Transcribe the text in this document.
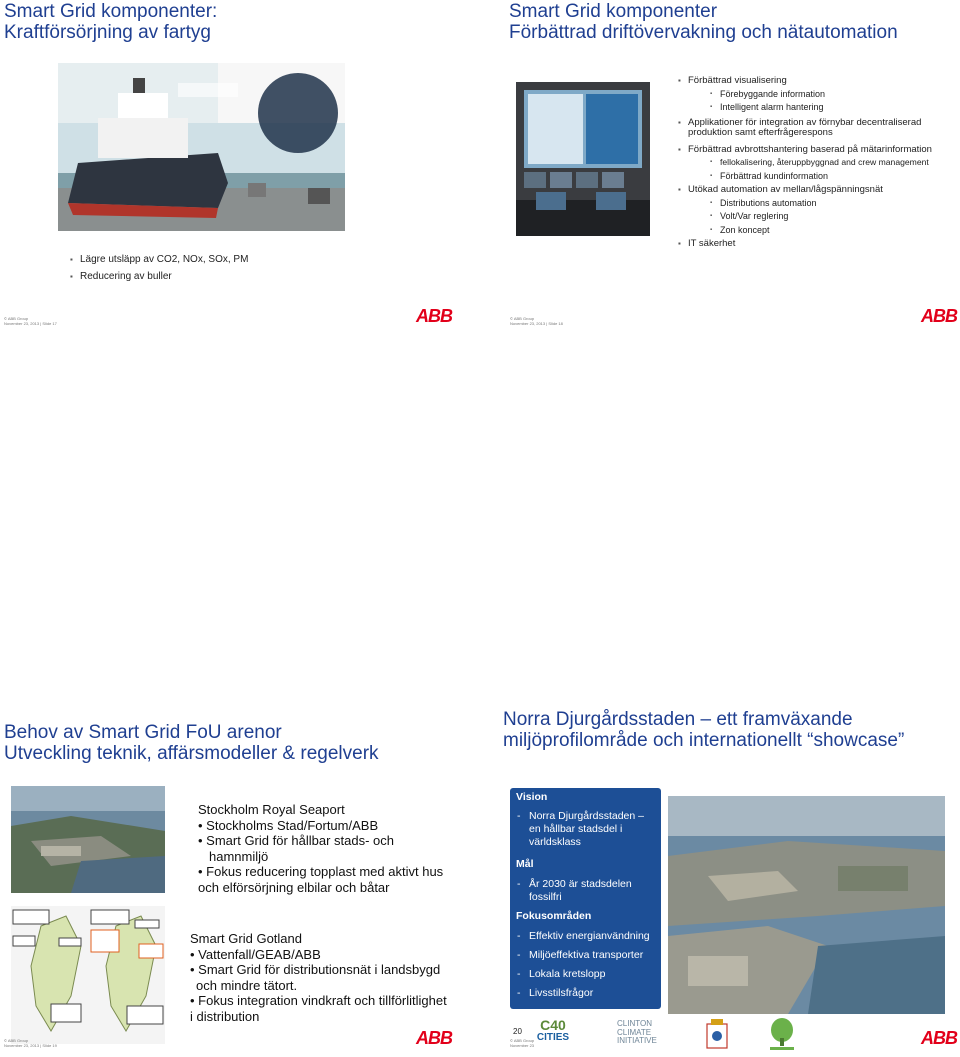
Smart Grid komponenter:
Kraftförsörjning av fartyg
▪ Lägre utsläpp av CO2, NOx, SOx, PM
▪ Reducering av buller
© ABB Group
November 23, 2013 | Slide 17	ABB
Smart Grid komponenter
Förbättrad driftövervakning och nätautomation
▪ Förbättrad visualisering
▪ Förebyggande information
▪ Intelligent alarm hantering
▪ Applikationer för integration av förnybar decentraliserad produktion samt efterfrågerespons
▪ Förbättrad avbrottshantering baserad på mätarinformation
▪ fellokalisering, återuppbyggnad and crew management
▪ Förbättrad kundinformation
▪ Utökad automation av mellan/lågspänningsnät
▪ Distributions automation
▪ Volt/Var reglering
▪ Zon koncept
▪ IT säkerhet
© ABB Group
November 23, 2013 | Slide 18	ABB
Behov av Smart Grid FoU arenor
Utveckling teknik, affärsmodeller & regelverk
Stockholm Royal Seaport
• Stockholms Stad/Fortum/ABB
• Smart Grid för hållbar stads- och
hamnmiljö
• Fokus reducering topplast med aktivt hus
och elförsörjning elbilar och båtar
Smart Grid Gotland
• Vattenfall/GEAB/ABB
• Smart Grid för distributionsnät i landsbygd
och mindre tätort.
• Fokus integration vindkraft och tillförlitlighet
i distribution
© ABB Group
November 23, 2013 | Slide 19	ABB
Norra Djurgårdsstaden – ett framväxande
miljöprofilområde och internationellt “showcase”
Vision
- Norra Djurgårdsstaden – en hållbar stadsdel i världsklass
Mål
- År 2030 är stadsdelen fossilfri
Fokusområden
- Effektiv energianvändning
- Miljöeffektiva transporter
- Lokala kretslopp
- Livsstilsfrågor
20
© ABB Group
November 23
C40
CITIES
CLINTON
CLIMATE
INITIATIVE	ABB
